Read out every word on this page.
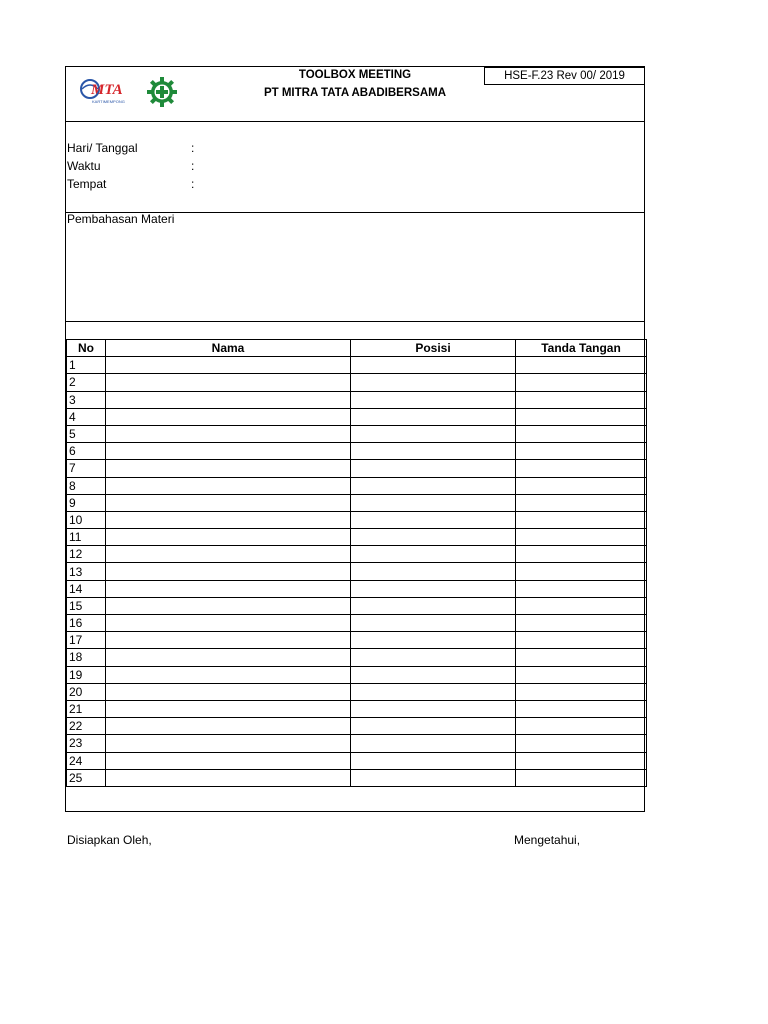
MTA
KARTIMEMPONG
TOOLBOX MEETING
PT MITRA TATA ABADIBERSAMA
HSE-F.23 Rev 00/ 2019
Hari/ Tanggal	:
Waktu	:
Tempat	:
Pembahasan Materi
No	Nama	Posisi	Tanda Tangan
1			
2			
3			
4			
5			
6			
7			
8			
9			
10			
11			
12			
13			
14			
15			
16			
17			
18			
19			
20			
21			
22			
23			
24			
25			
Disiapkan Oleh,	Mengetahui,
